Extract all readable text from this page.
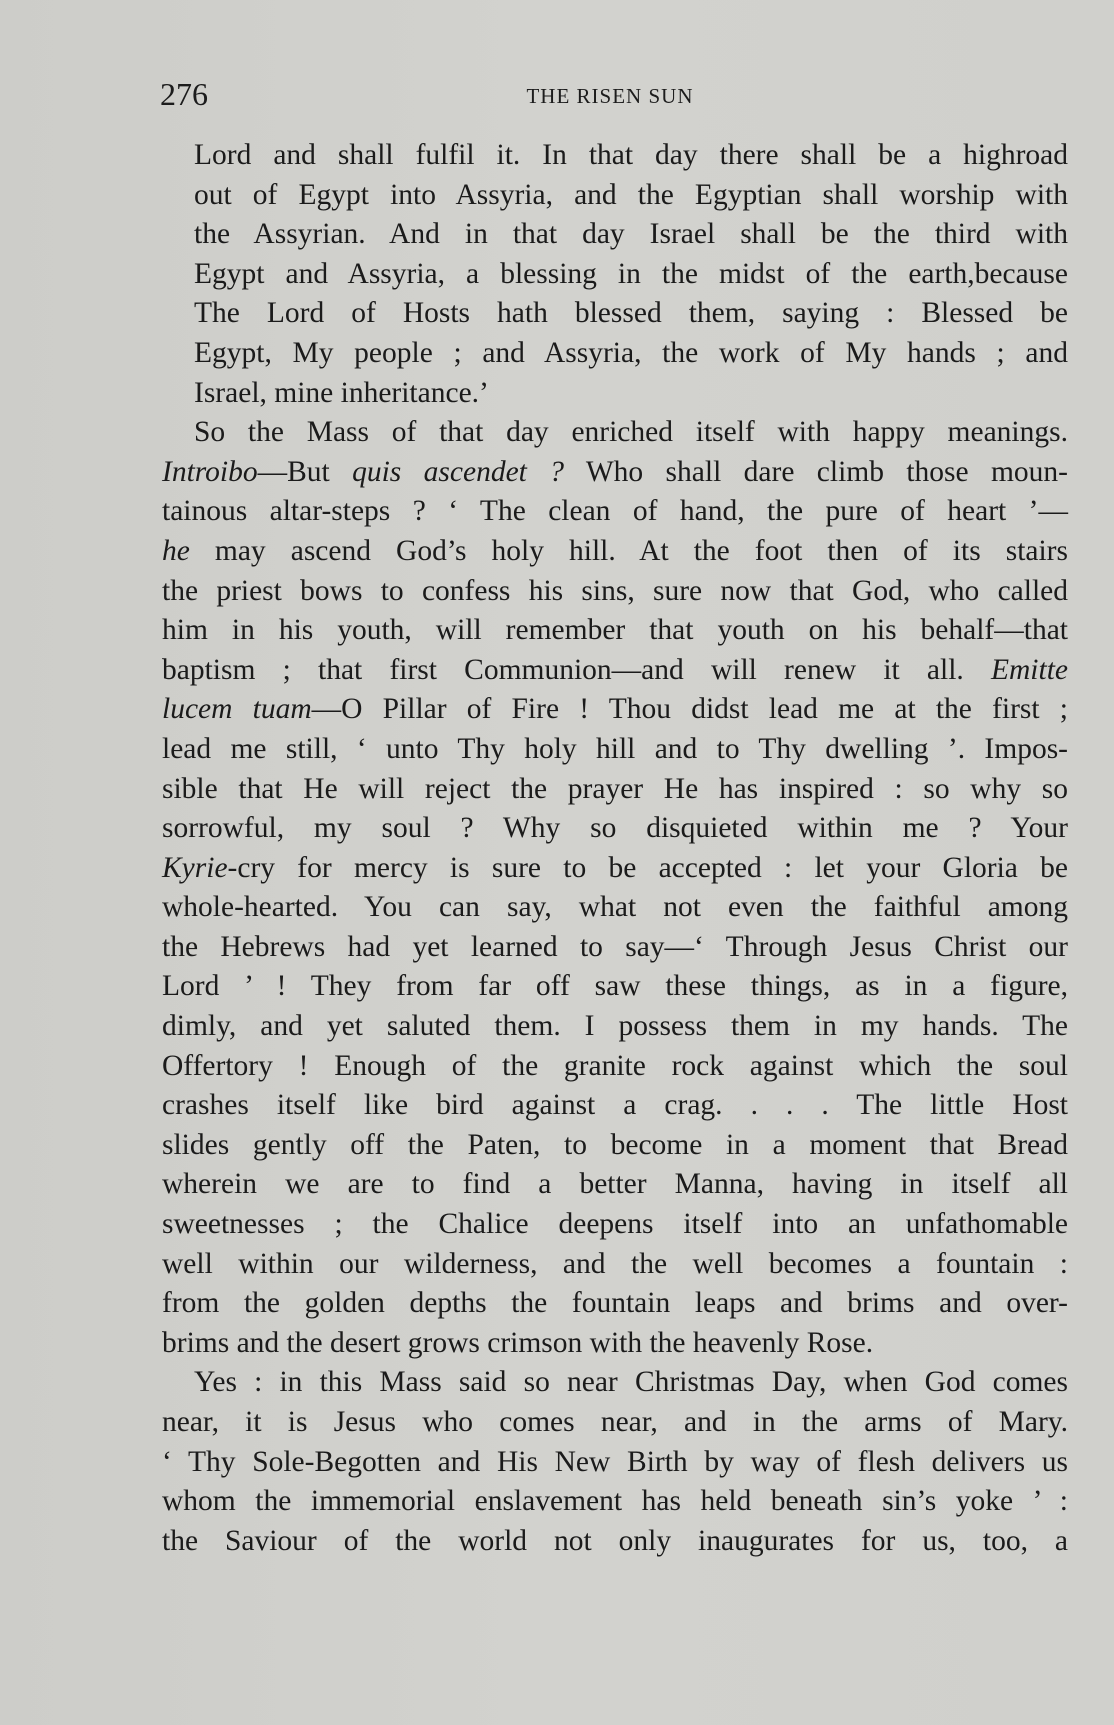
276	THE RISEN SUN
Lord and shall fulfil it. In that day there shall be a highroad
out of Egypt into Assyria, and the Egyptian shall worship with
the Assyrian. And in that day Israel shall be the third with
Egypt and Assyria, a blessing in the midst of the earth,because
The Lord of Hosts hath blessed them, saying : Blessed be
Egypt, My people ; and Assyria, the work of My hands ; and
Israel, mine inheritance.’
So the Mass of that day enriched itself with happy meanings.
Introibo—But quis ascendet ? Who shall dare climb those moun-
tainous altar-steps ? ‘ The clean of hand, the pure of heart ’—
he may ascend God’s holy hill. At the foot then of its stairs
the priest bows to confess his sins, sure now that God, who called
him in his youth, will remember that youth on his behalf—that
baptism ; that first Communion—and will renew it all. Emitte
lucem tuam—O Pillar of Fire ! Thou didst lead me at the first ;
lead me still, ‘ unto Thy holy hill and to Thy dwelling ’. Impos-
sible that He will reject the prayer He has inspired : so why so
sorrowful, my soul ? Why so disquieted within me ? Your
Kyrie-cry for mercy is sure to be accepted : let your Gloria be
whole-hearted. You can say, what not even the faithful among
the Hebrews had yet learned to say—‘ Through Jesus Christ our
Lord ’ ! They from far off saw these things, as in a figure,
dimly, and yet saluted them. I possess them in my hands. The
Offertory ! Enough of the granite rock against which the soul
crashes itself like bird against a crag. . . . The little Host
slides gently off the Paten, to become in a moment that Bread
wherein we are to find a better Manna, having in itself all
sweetnesses ; the Chalice deepens itself into an unfathomable
well within our wilderness, and the well becomes a fountain :
from the golden depths the fountain leaps and brims and over-
brims and the desert grows crimson with the heavenly Rose.
Yes : in this Mass said so near Christmas Day, when God comes
near, it is Jesus who comes near, and in the arms of Mary.
‘ Thy Sole-Begotten and His New Birth by way of flesh delivers us
whom the immemorial enslavement has held beneath sin’s yoke ’ :
the Saviour of the world not only inaugurates for us, too, a
